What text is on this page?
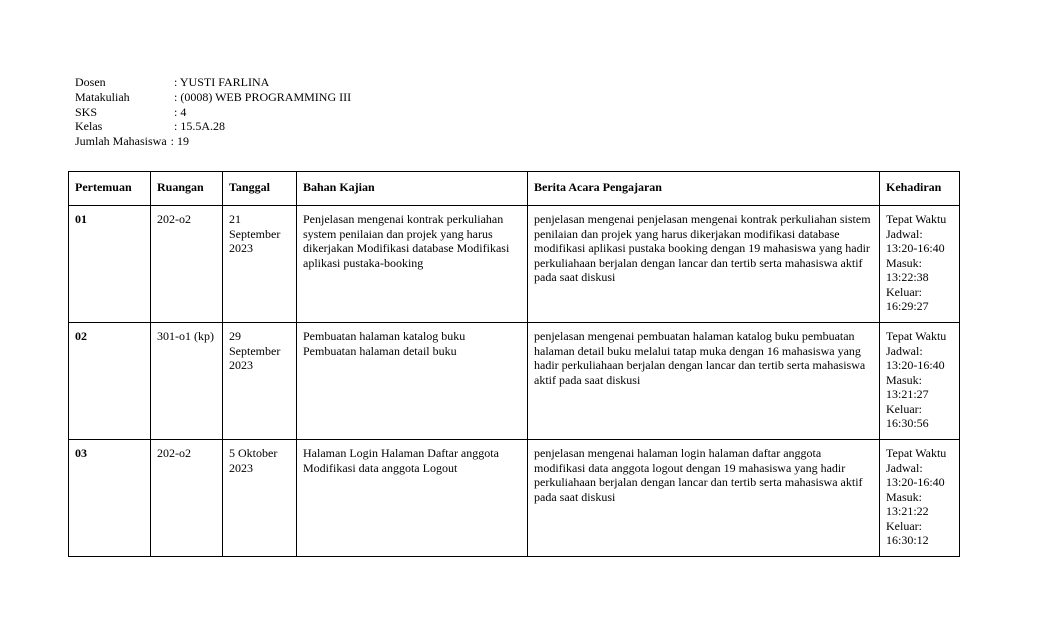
Dosen	: YUSTI FARLINA
Matakuliah	: (0008) WEB PROGRAMMING III
SKS	: 4
Kelas	: 15.5A.28
Jumlah Mahasiswa : 19
Pertemuan	Ruangan	Tanggal	Bahan Kajian	Berita Acara Pengajaran	Kehadiran
01	202-o2	21 September 2023	Penjelasan mengenai kontrak perkuliahan system penilaian dan projek yang harus dikerjakan Modifikasi database Modifikasi aplikasi pustaka-booking	penjelasan mengenai penjelasan mengenai kontrak perkuliahan sistem penilaian dan projek yang harus dikerjakan modifikasi database modifikasi aplikasi pustaka booking dengan 19 mahasiswa yang hadir perkuliahaan berjalan dengan lancar dan tertib serta mahasiswa aktif pada saat diskusi	Tepat Waktu Jadwal: 13:20-16:40 Masuk: 13:22:38 Keluar: 16:29:27
02	301-o1 (kp)	29 September 2023	Pembuatan halaman katalog buku Pembuatan halaman detail buku	penjelasan mengenai pembuatan halaman katalog buku pembuatan halaman detail buku melalui tatap muka dengan 16 mahasiswa yang hadir perkuliahaan berjalan dengan lancar dan tertib serta mahasiswa aktif pada saat diskusi	Tepat Waktu Jadwal: 13:20-16:40 Masuk: 13:21:27 Keluar: 16:30:56
03	202-o2	5 Oktober 2023	Halaman Login Halaman Daftar anggota Modifikasi data anggota Logout	penjelasan mengenai halaman login halaman daftar anggota modifikasi data anggota logout dengan 19 mahasiswa yang hadir perkuliahaan berjalan dengan lancar dan tertib serta mahasiswa aktif pada saat diskusi	Tepat Waktu Jadwal: 13:20-16:40 Masuk: 13:21:22 Keluar: 16:30:12
